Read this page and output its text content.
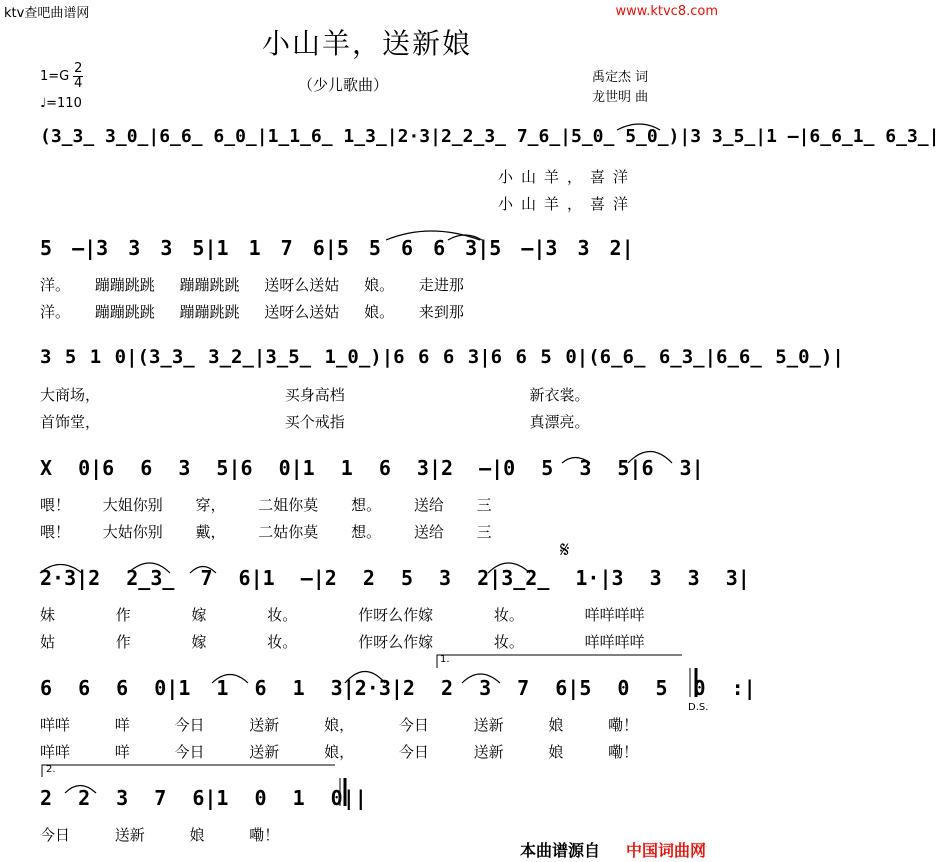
ktv查吧曲谱网	www.ktvc8.com
小山羊，送新娘
$1=G \frac{2}{4}$
♩=110
（少儿歌曲）	禹定杰 词
龙世明 曲
(3̲3̲ 3̲0̲|6̲6̲ 6̲0̲|1̲1̲6̲ 1̲3̲|2·3|2̲2̲3̲ 7̲6̲|5̲0̲ 5̲0̲)|3 3̲5̲|1 –|6̲6̲1̲ 6̲3̲|
小山羊，喜洋
小山羊，喜洋
5 –|3 3 3 5|1 1 7 6|5 5 6 6 3|5 –|3 3 2|
洋。 蹦蹦跳跳 蹦蹦跳跳 送呀么送姑 娘。 走进那
洋。 蹦蹦跳跳 蹦蹦跳跳 送呀么送姑 娘。 来到那
3 5 1 0|(3̲3̲ 3̲2̲|3̲5̲ 1̲0̲)|6 6 6 3|6 6 5 0|(6̲6̲ 6̲3̲|6̲6̲ 5̲0̲)|
大商场， 买身高档 新衣裳。
首饰堂， 买个戒指 真漂亮。
X 0|6 6 3 5|6 0|1 1 6 3|2 –|0 5 3 5|6 3|
喂！ 大姐你别 穿， 二姐你莫 想。 送给 三
喂！ 大姑你别 戴， 二姑你莫 想。 送给 三
𝄋
2·3|2 2̲3̲ 7 6|1 –|2 2 5 3 2|3̲2̲ 1·|3 3 3 3|
妹 作 嫁 妆。 作呀么作嫁 妆。 咩咩咩咩
姑 作 嫁 妆。 作呀么作嫁 妆。 咩咩咩咩
1.
6 6 6 0|1 1 6 1 3|2·3|2 2 3 7 6|5 0 5 0 :|
D.S.
咩咩 咩 今日 送新 娘， 今日 送新 娘 嘞！
咩咩 咩 今日 送新 娘， 今日 送新 娘 嘞！
2.
2 2 3 7 6|1 0 1 0||
今日 送新 娘 嘞！
本曲谱源自 中国词曲网
